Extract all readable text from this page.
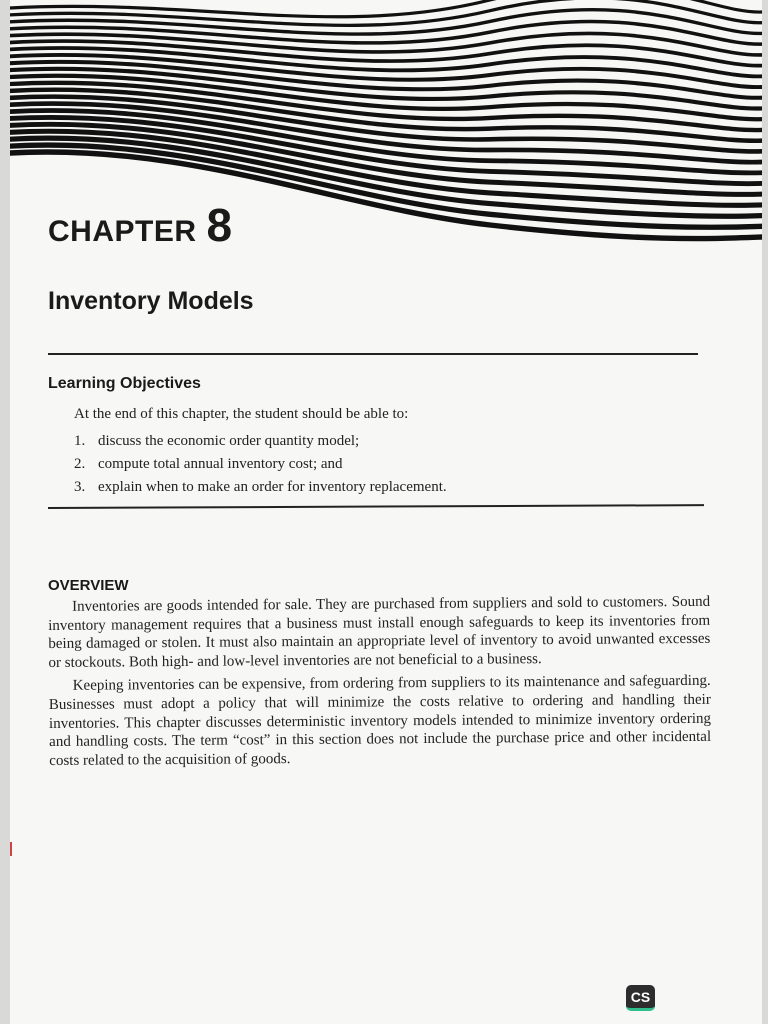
CHAPTER 8
Inventory Models
Learning Objectives
At the end of this chapter, the student should be able to:
1. discuss the economic order quantity model;
2. compute total annual inventory cost; and
3. explain when to make an order for inventory replacement.
OVERVIEW

Inventories are goods intended for sale. They are purchased from suppliers and sold to customers. Sound inventory management requires that a business must install enough safeguards to keep its inventories from being damaged or stolen. It must also maintain an appropriate level of inventory to avoid unwanted excesses or stockouts. Both high- and low-level inventories are not beneficial to a business.

Keeping inventories can be expensive, from ordering from suppliers to its maintenance and safeguarding. Businesses must adopt a policy that will minimize the costs relative to ordering and handling their inventories. This chapter discusses deterministic inventory models intended to minimize inventory ordering and handling costs. The term “cost” in this section does not include the purchase price and other incidental costs related to the acquisition of goods.

CS
